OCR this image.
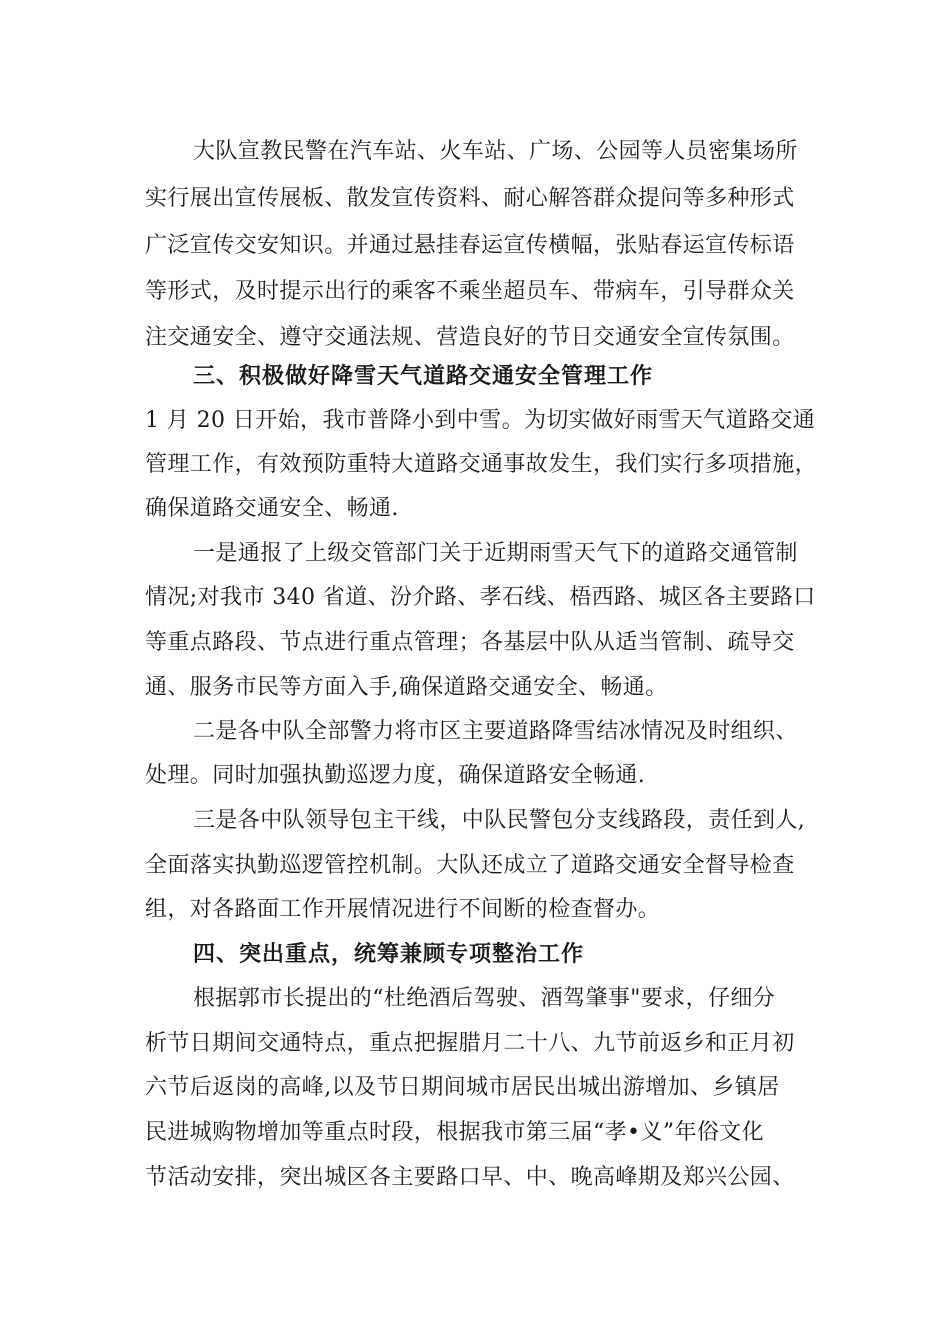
大队宣教民警在汽车站、火车站、广场、公园等人员密集场所
实行展出宣传展板、散发宣传资料、耐心解答群众提问等多种形式
广泛宣传交安知识。并通过悬挂春运宣传横幅，张贴春运宣传标语
等形式，及时提示出行的乘客不乘坐超员车、带病车，引导群众关
注交通安全、遵守交通法规、营造良好的节日交通安全宣传氛围。
三、积极做好降雪天气道路交通安全管理工作
1 月 20 日开始，我市普降小到中雪。为切实做好雨雪天气道路交通
管理工作，有效预防重特大道路交通事故发生，我们实行多项措施，
确保道路交通安全、畅通.
一是通报了上级交管部门关于近期雨雪天气下的道路交通管制
情况;对我市 340 省道、汾介路、孝石线、梧西路、城区各主要路口
等重点路段、节点进行重点管理；各基层中队从适当管制、疏导交
通、服务市民等方面入手,确保道路交通安全、畅通。
二是各中队全部警力将市区主要道路降雪结冰情况及时组织、
处理。同时加强执勤巡逻力度，确保道路安全畅通.
三是各中队领导包主干线，中队民警包分支线路段，责任到人,
全面落实执勤巡逻管控机制。大队还成立了道路交通安全督导检查
组，对各路面工作开展情况进行不间断的检查督办。
四、突出重点，统筹兼顾专项整治工作
根据郭市长提出的“杜绝酒后驾驶、酒驾肇事"要求，仔细分
析节日期间交通特点，重点把握腊月二十八、九节前返乡和正月初
六节后返岗的高峰,以及节日期间城市居民出城出游增加、乡镇居
民进城购物增加等重点时段，根据我市第三届“孝•义”年俗文化
节活动安排，突出城区各主要路口早、中、晚高峰期及郑兴公园、
